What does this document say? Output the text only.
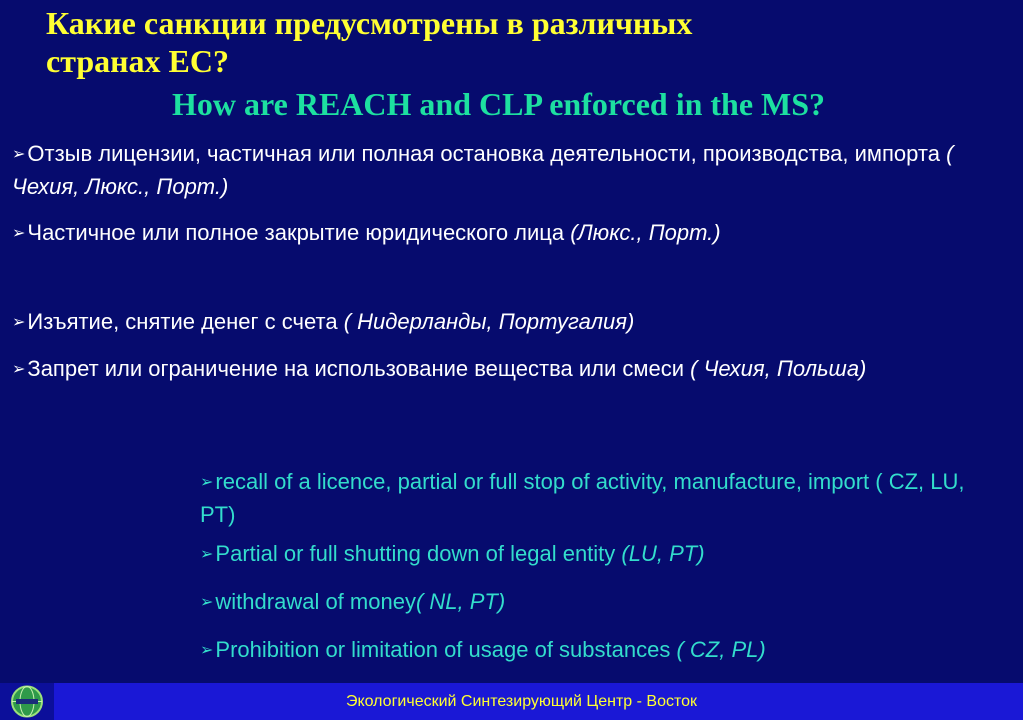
Какие санкции предусмотрены в различных
странах ЕС?
How are REACH and CLP enforced in the MS?
➢Отзыв лицензии, частичная или полная остановка деятельности, производства, импорта ( Чехия, Люкс., Порт.)
➢Частичное или полное закрытие юридического лица (Люкс., Порт.)
➢Изъятие, снятие денег с счета ( Нидерланды, Португалия)
➢Запрет или ограничение на использование вещества или смеси ( Чехия, Польша)
➢recall of a licence, partial or full stop of activity, manufacture, import ( CZ, LU, PT)
➢Partial or full shutting down of legal entity (LU, PT)
➢withdrawal of money( NL, PT)
➢Prohibition or limitation of usage of substances ( CZ, PL)
Экологический Синтезирующий Центр - Восток
